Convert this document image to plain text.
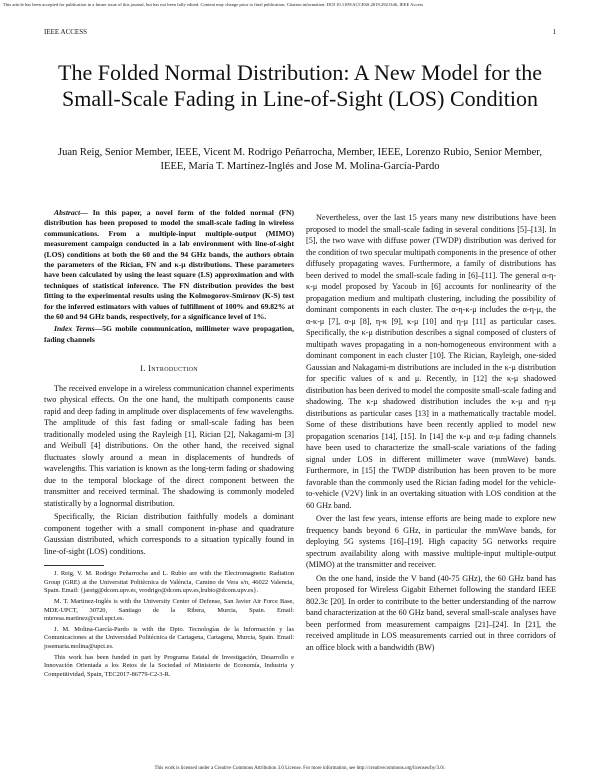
This article has been accepted for publication in a future issue of this journal, but has not been fully edited. Content may change prior to final publication. Citation information: DOI 10.1109/ACCESS.2019.2921346, IEEE Access
IEEE ACCESS	1
The Folded Normal Distribution: A New Model for the Small-Scale Fading in Line-of-Sight (LOS) Condition
Juan Reig, Senior Member, IEEE, Vicent M. Rodrigo Peñarrocha, Member, IEEE, Lorenzo Rubio, Senior Member, IEEE, María T. Martínez-Inglés and Jose M. Molina-García-Pardo

Abstract— In this paper, a novel form of the folded normal (FN) distribution has been proposed to model the small-scale fading in wireless communications. From a multiple-input multiple-output (MIMO) measurement campaign conducted in a lab environment with line-of-sight (LOS) conditions at both the 60 and the 94 GHz bands, the authors obtain the parameters of the Rician, FN and κ-μ distributions. These parameters have been calculated by using the least square (LS) approximation and with techniques of statistical inference. The FN distribution provides the best fitting to the experimental results using the Kolmogorov-Smirnov (K-S) test for the inferred estimators with values of fulfillment of 100% and 69.82% at the 60 and 94 GHz bands, respectively, for a significance level of 1%.

Index Terms—5G mobile communication, millimeter wave propagation, fading channels

I. Introduction

The received envelope in a wireless communication channel experiments two physical effects. On the one hand, the multipath components cause rapid and deep fading in amplitude over displacements of few wavelengths. The amplitude of this fast fading or small-scale fading has been traditionally modeled using the Rayleigh [1], Rician [2], Nakagami-m [3] and Weibull [4] distributions. On the other hand, the received signal fluctuates slowly around a mean in displacements of hundreds of wavelengths. This variation is known as the long-term fading or shadowing due to the temporal blockage of the direct component between the transmitter and received terminal. The shadowing is commonly modeled statistically by a lognormal distribution.

Specifically, the Rician distribution faithfully models a dominant component together with a small component in-phase and quadrature Gaussian distributed, which corresponds to a situation typically found in line-of-sight (LOS) conditions.

J. Reig, V. M. Rodrigo Peñarrocha and L. Rubio are with the Electromagnetic Radiation Group (GRE) at the Universitat Politècnica de València, Camino de Vera s/n, 46022 Valencia, Spain. Email: {jareig@dcom.upv.es, vrodrigo@dcom.upv.es,lrubio@dcom.upv.es}.

M. T. Martinez-Inglés is with the University Center of Defense, San Javier Air Force Base, MDE-UPCT, 30720, Santiago de la Ribera, Murcia, Spain. Email: mteresa.martinez@cud.upct.es.

J. M. Molina-García-Pardo is with the Dpto. Tecnologías de la Información y las Comunicaciones at the Universidad Politécnica de Cartagena, Cartagena, Murcia, Spain. Email: josemaria.molina@upct.es.

This work has been funded in part by Programa Estatal de Investigación, Desarrollo e Innovación Orientada a los Retos de la Sociedad of Ministerio de Economía, Industria y Competitividad, Spain, TEC2017-86779-C2-3-R.

Nevertheless, over the last 15 years many new distributions have been proposed to model the small-scale fading in several conditions [5]–[13]. In [5], the two wave with diffuse power (TWDP) distribution was derived for the condition of two specular multipath components in the presence of other diffusely propagating waves. Furthermore, a family of distributions has been derived to model the small-scale fading in [6]–[11]. The general α-η-κ-μ model proposed by Yacoub in [6] accounts for nonlinearity of the propagation medium and multipath clustering, including the possibility of dominant components in each cluster. The α-η-κ-μ includes the α-η-μ, the α-κ-μ [7], α-μ [8], η-κ [9], κ-μ [10] and η-μ [11] as particular cases. Specifically, the κ-μ distribution describes a signal composed of clusters of multipath waves propagating in a non-homogeneous environment with a dominant component in each cluster [10]. The Rician, Rayleigh, one-sided Gaussian and Nakagami-m distributions are included in the κ-μ distribution for specific values of κ and μ. Recently, in [12] the κ-μ shadowed distribution has been derived to model the composite small-scale fading and shadowing. The κ-μ shadowed distribution includes the κ-μ and η-μ distributions as particular cases [13] in a mathematically tractable model. Some of these distributions have been recently applied to model new propagation scenarios [14], [15]. In [14] the κ-μ and α-μ fading channels have been used to characterize the small-scale variations of the fading signal under LOS in different millimeter wave (mmWave) bands. Furthermore, in [15] the TWDP distribution has been proven to be more favorable than the commonly used the Rician fading model for the vehicle-to-vehicle (V2V) link in an overtaking situation with LOS condition at the 60 GHz band.

Over the last few years, intense efforts are being made to explore new frequency bands beyond 6 GHz, in particular the mmWave bands, for deploying 5G systems [16]–[19]. High capacity 5G networks require spectrum availability along with massive multiple-input multiple-output (MIMO) at the transmitter and receiver.

On the one hand, inside the V band (40-75 GHz), the 60 GHz band has been proposed for Wireless Gigabit Ethernet following the standard IEEE 802.3c [20]. In order to contribute to the better understanding of the narrow band characterization at the 60 GHz band, several small-scale analyses have been performed from measurement campaigns [21]–[24]. In [21], the received amplitude in LOS measurements carried out in three corridors of an office block with a bandwidth (BW)

This work is licensed under a Creative Commons Attribution 3.0 License. For more information, see http://creativecommons.org/licenses/by/3.0/.
